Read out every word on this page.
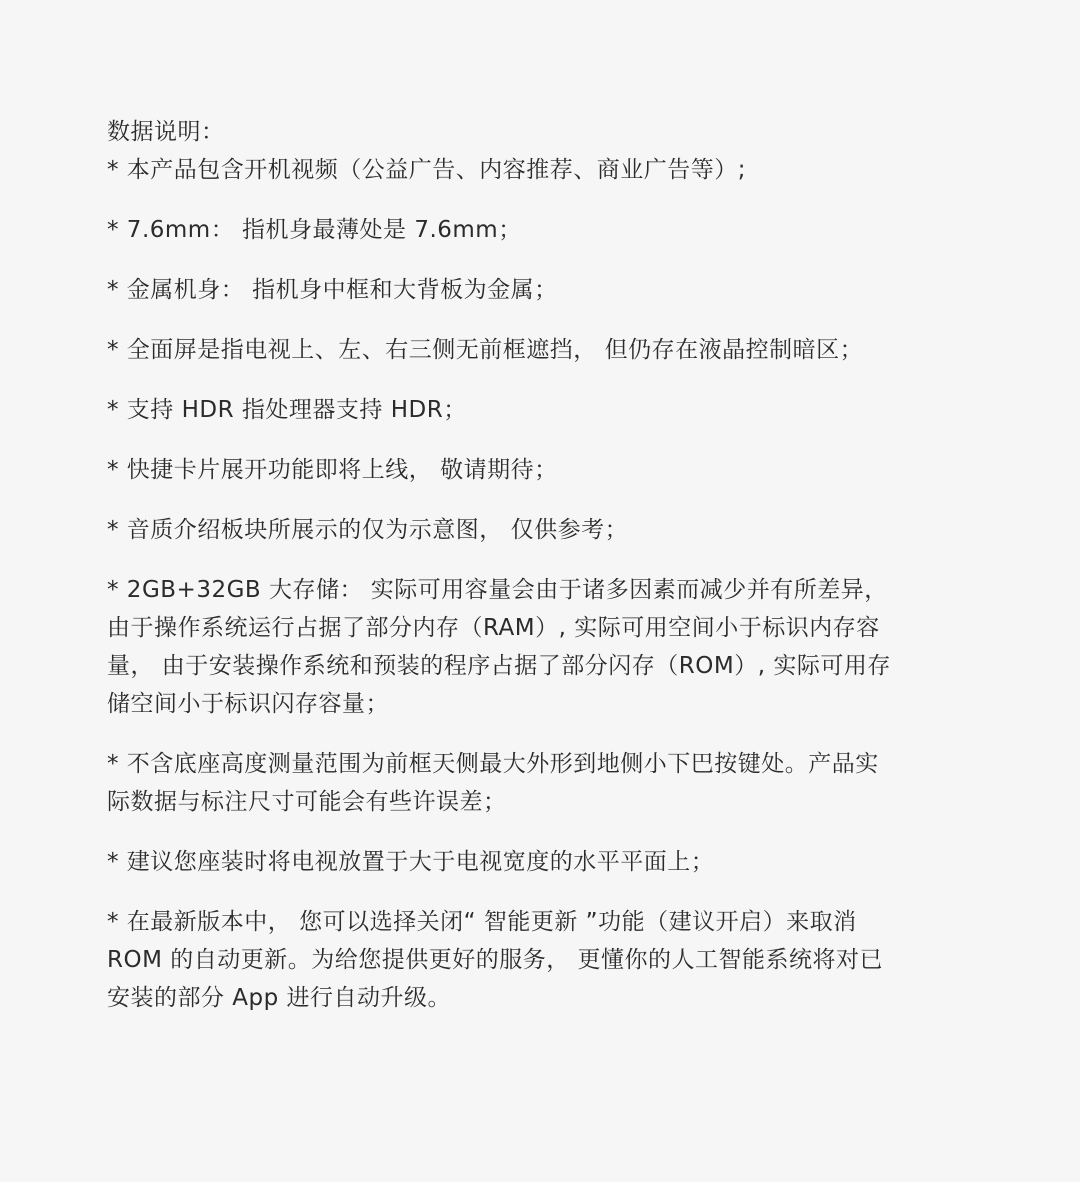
数据说明：

* 本产品包含开机视频（公益广告、内容推荐、商业广告等）;

* 7.6mm： 指机身最薄处是 7.6mm；

* 金属机身： 指机身中框和大背板为金属；

* 全面屏是指电视上、左、右三侧无前框遮挡， 但仍存在液晶控制暗区；

* 支持 HDR 指处理器支持 HDR；

* 快捷卡片展开功能即将上线， 敬请期待；

* 音质介绍板块所展示的仅为示意图， 仅供参考；

* 2GB+32GB 大存储： 实际可用容量会由于诸多因素而减少并有所差异，
由于操作系统运行占据了部分内存（RAM）, 实际可用空间小于标识内存容
量， 由于安装操作系统和预装的程序占据了部分闪存（ROM）, 实际可用存
储空间小于标识闪存容量；

* 不含底座高度测量范围为前框天侧最大外形到地侧小下巴按键处。产品实
际数据与标注尺寸可能会有些许误差；

* 建议您座装时将电视放置于大于电视宽度的水平平面上；

* 在最新版本中， 您可以选择关闭“ 智能更新 ”功能（建议开启）来取消
ROM 的自动更新。为给您提供更好的服务， 更懂你的人工智能系统将对已
安装的部分 App 进行自动升级。
